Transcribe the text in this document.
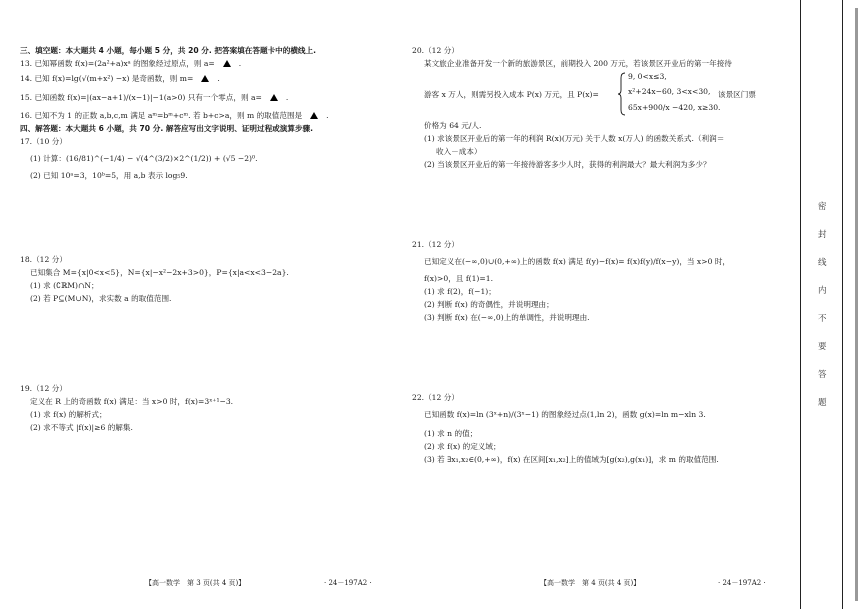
三、填空题：本大题共 4 小题，每小题 5 分，共 20 分. 把答案填在答题卡中的横线上.
13. 已知幂函数 f(x)=(2a²+a)xᵃ 的图象经过原点，则 a=	.
14. 已知 f(x)=lg(√(m+x²) −x) 是奇函数，则 m=	.
15. 已知函数 f(x)=|(ax−a+1)/(x−1)|−1(a>0) 只有一个零点，则 a=	.
16. 已知不为 1 的正数 a,b,c,m 满足 aᵐ=bᵐ+cᵐ. 若 b+c>a，则 m 的取值范围是	.
四、解答题：本大题共 6 小题，共 70 分. 解答应写出文字说明、证明过程或演算步骤.
17.（10 分）
(1) 计算：(16/81)^(−1/4) − √(4^(3/2)×2^(1/2)) + (√5 −2)⁰.
(2) 已知 10ᵃ=3，10ᵇ=5，用 a,b 表示 log₅9.
18.（12 分）
已知集合 M={x|0<x<5}，N={x|−x²−2x+3>0}，P={x|a<x<3−2a}.
(1) 求 (∁ℝM)∩N；
(2) 若 P⊆(M∪N)，求实数 a 的取值范围.
19.（12 分）
定义在 R 上的奇函数 f(x) 满足：当 x>0 时，f(x)=3ˣ⁺¹−3.
(1) 求 f(x) 的解析式；
(2) 求不等式 |f(x)|≥6 的解集.
【高一数学　第 3 页(共 4 页)】	· 24－197A2 ·
20.（12 分）
某文旅企业准备开发一个新的旅游景区，前期投入 200 万元，若该景区开业后的第一年接待
游客 x 万人，则需另投入成本 P(x) 万元，且 P(x)=
9, 0<x≤3,
x²+24x−60, 3<x<30,
65x+900/x −420, x≥30.
该景区门票
价格为 64 元/人.
(1) 求该景区开业后的第一年的利润 R(x)(万元) 关于人数 x(万人) 的函数关系式.（利润＝
收入－成本）
(2) 当该景区开业后的第一年接待游客多少人时，获得的利润最大？最大利润为多少？
21.（12 分）
已知定义在(−∞,0)∪(0,+∞)上的函数 f(x) 满足 f(y)−f(x)= f(x)f(y)/f(x−y)，当 x>0 时，
f(x)>0，且 f(1)=1.
(1) 求 f(2)，f(−1)；
(2) 判断 f(x) 的奇偶性，并说明理由；
(3) 判断 f(x) 在(−∞,0)上的单调性，并说明理由.
22.（12 分）
已知函数 f(x)=ln (3ˣ+n)/(3ˣ−1) 的图象经过点(1,ln 2)，函数 g(x)=ln m−xln 3.
(1) 求 n 的值；
(2) 求 f(x) 的定义域；
(3) 若 ∃x₁,x₂∈(0,+∞)，f(x) 在区间[x₁,x₂]上的值域为[g(x₂),g(x₁)]，求 m 的取值范围.
【高一数学　第 4 页(共 4 页)】	· 24－197A2 ·
密
封
线
内
不
要
答
题
